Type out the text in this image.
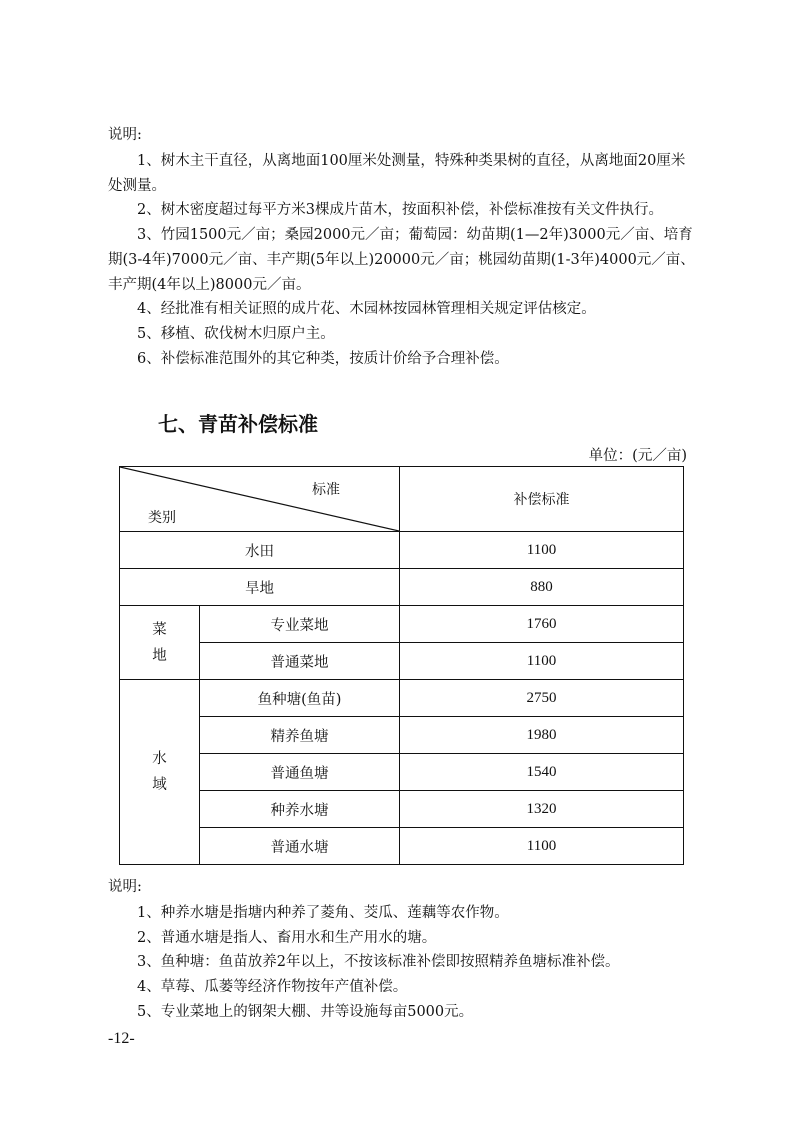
说明:
1、树木主干直径，从离地面100厘米处测量，特殊种类果树的直径，从离地面20厘米处测量。
2、树木密度超过每平方米3棵成片苗木，按面积补偿，补偿标准按有关文件执行。
3、竹园1500元／亩；桑园2000元／亩；葡萄园：幼苗期(1—2年)3000元／亩、培育期(3-4年)7000元／亩、丰产期(5年以上)20000元／亩；桃园幼苗期(1-3年)4000元／亩、丰产期(4年以上)8000元／亩。
4、经批准有相关证照的成片花、木园林按园林管理相关规定评估核定。
5、移植、砍伐树木归原户主。
6、补偿标准范围外的其它种类，按质计价给予合理补偿。
七、青苗补偿标准
单位：(元／亩)
标准
类别		补偿标准
水田		1100
旱地		880
菜
地	专业菜地	1760
	普通菜地	1100
水
域	鱼种塘(鱼苗)	2750
	精养鱼塘	1980
	普通鱼塘	1540
	种养水塘	1320
	普通水塘	1100
说明:
1、种养水塘是指塘内种养了菱角、茭瓜、莲藕等农作物。
2、普通水塘是指人、畜用水和生产用水的塘。
3、鱼种塘：鱼苗放养2年以上，不按该标准补偿即按照精养鱼塘标准补偿。
4、草莓、瓜蒌等经济作物按年产值补偿。
5、专业菜地上的钢架大棚、井等设施每亩5000元。
-12-
